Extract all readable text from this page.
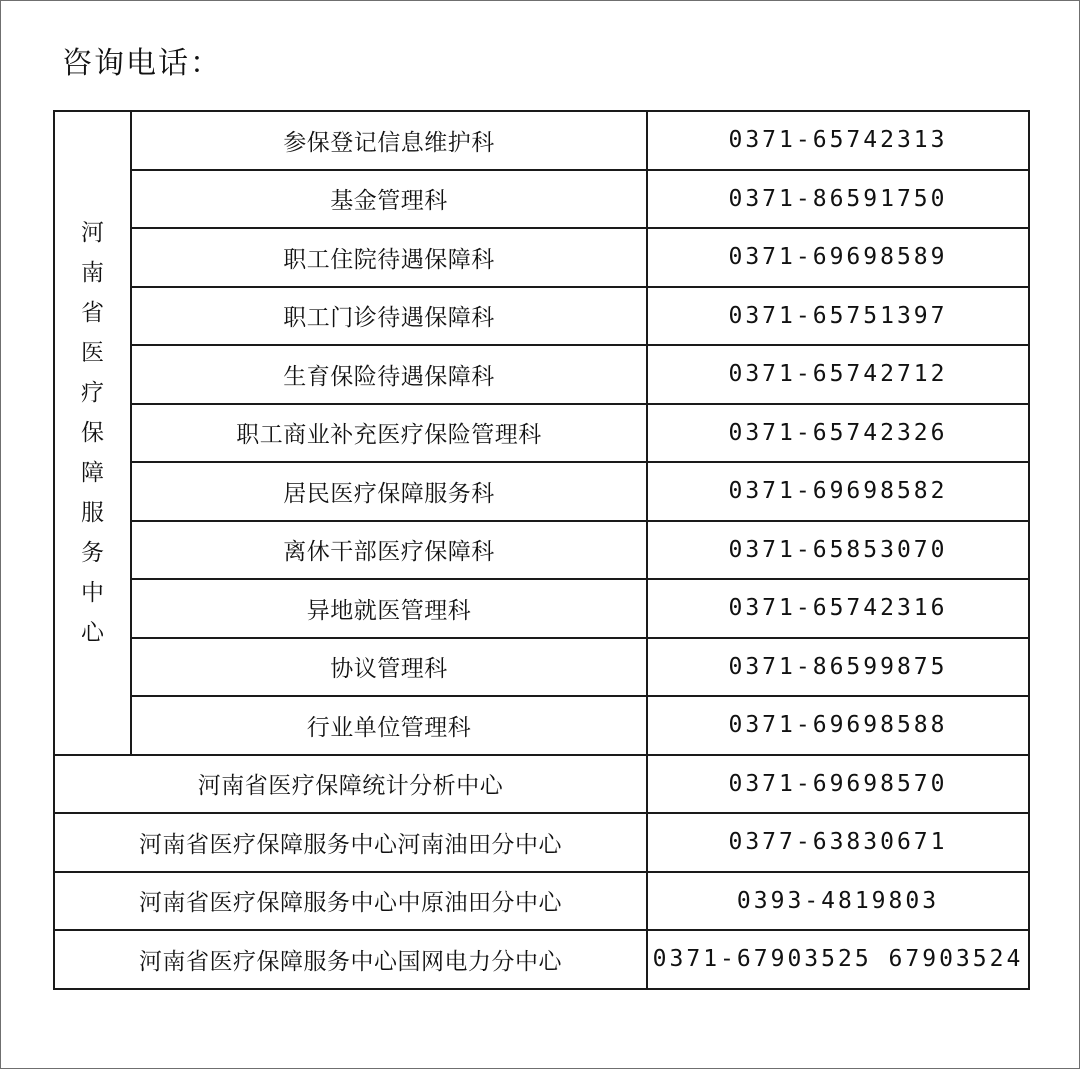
咨询电话：
河南省医疗保障服务中心	参保登记信息维护科	0371-65742313
	基金管理科	0371-86591750
	职工住院待遇保障科	0371-69698589
	职工门诊待遇保障科	0371-65751397
	生育保险待遇保障科	0371-65742712
	职工商业补充医疗保险管理科	0371-65742326
	居民医疗保障服务科	0371-69698582
	离休干部医疗保障科	0371-65853070
	异地就医管理科	0371-65742316
	协议管理科	0371-86599875
	行业单位管理科	0371-69698588
河南省医疗保障统计分析中心		0371-69698570
河南省医疗保障服务中心河南油田分中心		0377-63830671
河南省医疗保障服务中心中原油田分中心		0393-4819803
河南省医疗保障服务中心国网电力分中心		0371-67903525 67903524
